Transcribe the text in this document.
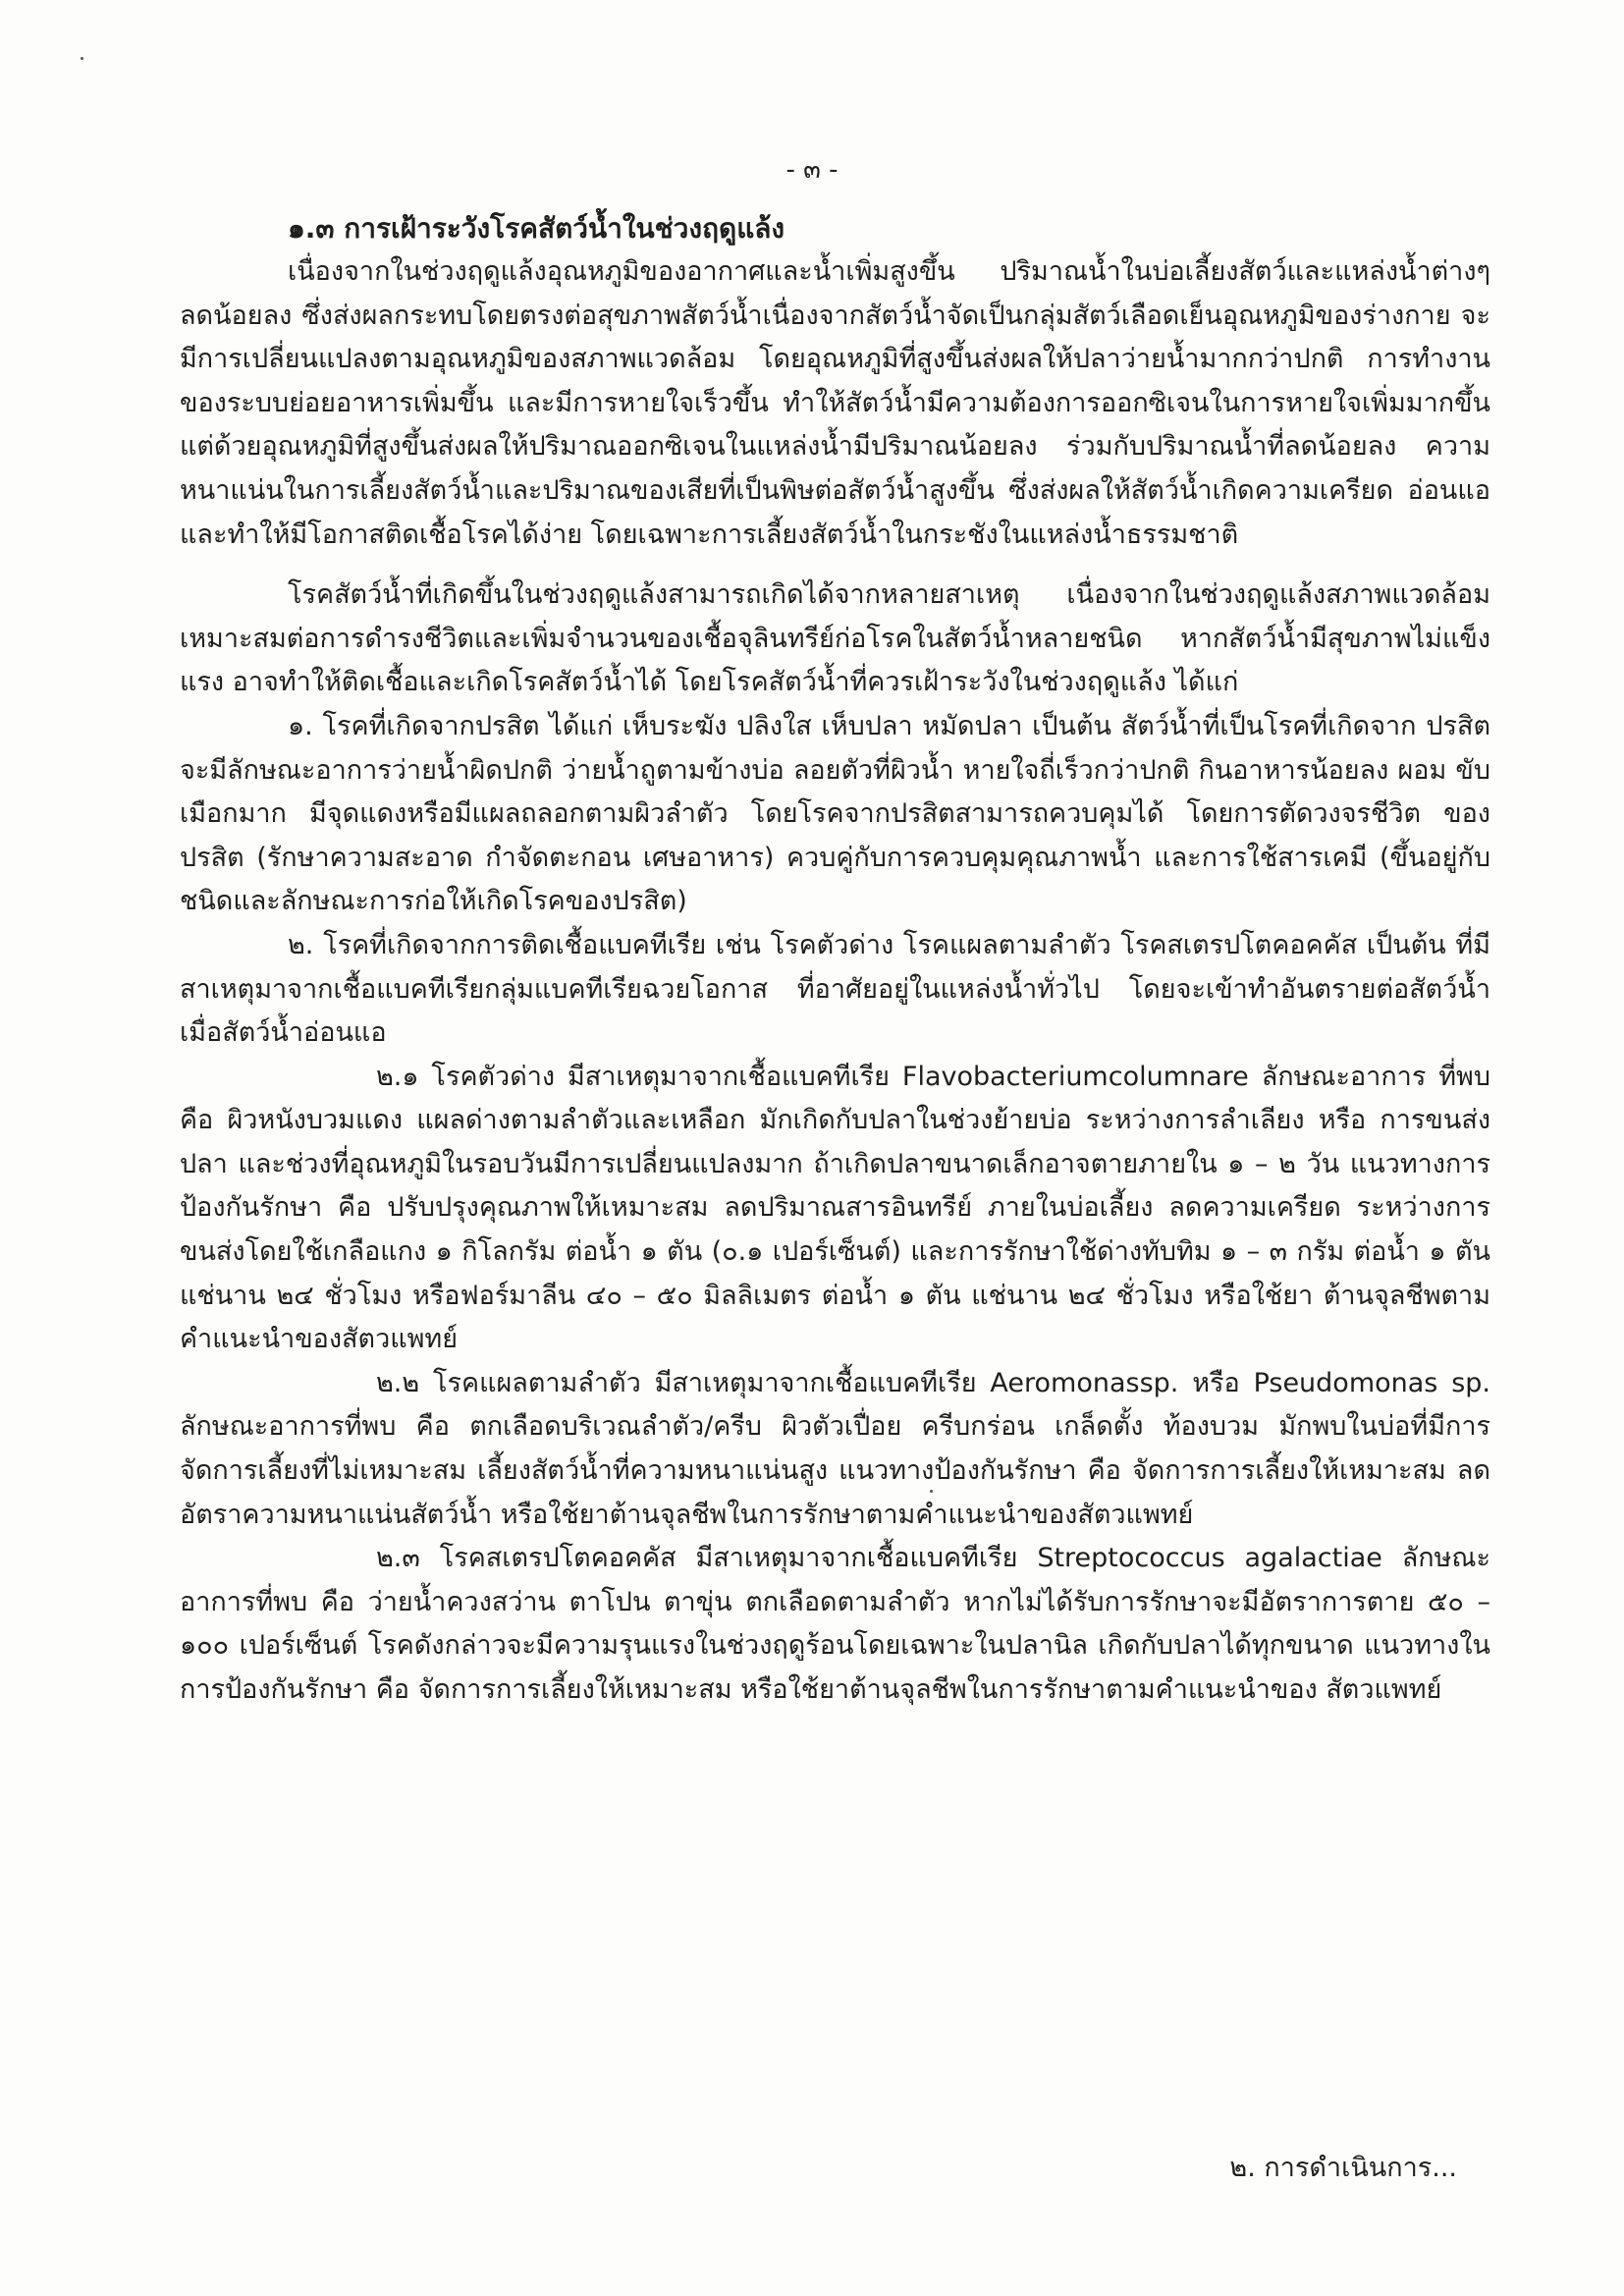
- ๓ -

๑.๓ การเฝ้าระวังโรคสัตว์น้ำในช่วงฤดูแล้ง

เนื่องจากในช่วงฤดูแล้งอุณหภูมิของอากาศและน้ำเพิ่มสูงขึ้น ปริมาณน้ำในบ่อเลี้ยงสัตว์และแหล่งน้ำต่างๆ ลดน้อยลง ซึ่งส่งผลกระทบโดยตรงต่อสุขภาพสัตว์น้ำเนื่องจากสัตว์น้ำจัดเป็นกลุ่มสัตว์เลือดเย็นอุณหภูมิของร่างกาย จะมีการเปลี่ยนแปลงตามอุณหภูมิของสภาพแวดล้อม โดยอุณหภูมิที่สูงขึ้นส่งผลให้ปลาว่ายน้ำมากกว่าปกติ การทำงาน ของระบบย่อยอาหารเพิ่มขึ้น และมีการหายใจเร็วขึ้น ทำให้สัตว์น้ำมีความต้องการออกซิเจนในการหายใจเพิ่มมากขึ้น แต่ด้วยอุณหภูมิที่สูงขึ้นส่งผลให้ปริมาณออกซิเจนในแหล่งน้ำมีปริมาณน้อยลง ร่วมกับปริมาณน้ำที่ลดน้อยลง ความหนาแน่นในการเลี้ยงสัตว์น้ำและปริมาณของเสียที่เป็นพิษต่อสัตว์น้ำสูงขึ้น ซึ่งส่งผลให้สัตว์น้ำเกิดความเครียด อ่อนแอ และทำให้มีโอกาสติดเชื้อโรคได้ง่าย โดยเฉพาะการเลี้ยงสัตว์น้ำในกระชังในแหล่งน้ำธรรมชาติ

โรคสัตว์น้ำที่เกิดขึ้นในช่วงฤดูแล้งสามารถเกิดได้จากหลายสาเหตุ เนื่องจากในช่วงฤดูแล้งสภาพแวดล้อม เหมาะสมต่อการดำรงชีวิตและเพิ่มจำนวนของเชื้อจุลินทรีย์ก่อโรคในสัตว์น้ำหลายชนิด หากสัตว์น้ำมีสุขภาพไม่แข็งแรง อาจทำให้ติดเชื้อและเกิดโรคสัตว์น้ำได้ โดยโรคสัตว์น้ำที่ควรเฝ้าระวังในช่วงฤดูแล้ง ได้แก่

๑. โรคที่เกิดจากปรสิต ได้แก่ เห็บระฆัง ปลิงใส เห็บปลา หมัดปลา เป็นต้น สัตว์น้ำที่เป็นโรคที่เกิดจาก ปรสิตจะมีลักษณะอาการว่ายน้ำผิดปกติ ว่ายน้ำถูตามข้างบ่อ ลอยตัวที่ผิวน้ำ หายใจถี่เร็วกว่าปกติ กินอาหารน้อยลง ผอม ขับเมือกมาก มีจุดแดงหรือมีแผลถลอกตามผิวลำตัว โดยโรคจากปรสิตสามารถควบคุมได้ โดยการตัดวงจรชีวิต ของปรสิต (รักษาความสะอาด กำจัดตะกอน เศษอาหาร) ควบคู่กับการควบคุมคุณภาพน้ำ และการใช้สารเคมี (ขึ้นอยู่กับชนิดและลักษณะการก่อให้เกิดโรคของปรสิต)

๒. โรคที่เกิดจากการติดเชื้อแบคทีเรีย เช่น โรคตัวด่าง โรคแผลตามลำตัว โรคสเตรปโตคอคคัส เป็นต้น ที่มีสาเหตุมาจากเชื้อแบคทีเรียกลุ่มแบคทีเรียฉวยโอกาส ที่อาศัยอยู่ในแหล่งน้ำทั่วไป โดยจะเข้าทำอันตรายต่อสัตว์น้ำ เมื่อสัตว์น้ำอ่อนแอ

๒.๑ โรคตัวด่าง มีสาเหตุมาจากเชื้อแบคทีเรีย Flavobacteriumcolumnare ลักษณะอาการ ที่พบคือ ผิวหนังบวมแดง แผลด่างตามลำตัวและเหลือก มักเกิดกับปลาในช่วงย้ายบ่อ ระหว่างการลำเลียง หรือ การขนส่งปลา และช่วงที่อุณหภูมิในรอบวันมีการเปลี่ยนแปลงมาก ถ้าเกิดปลาขนาดเล็กอาจตายภายใน ๑ – ๒ วัน แนวทางการป้องกันรักษา คือ ปรับปรุงคุณภาพให้เหมาะสม ลดปริมาณสารอินทรีย์ ภายในบ่อเลี้ยง ลดความเครียด ระหว่างการขนส่งโดยใช้เกลือแกง ๑ กิโลกรัม ต่อน้ำ ๑ ตัน (๐.๑ เปอร์เซ็นต์) และการรักษาใช้ด่างทับทิม ๑ – ๓ กรัม ต่อน้ำ ๑ ตัน แช่นาน ๒๔ ชั่วโมง หรือฟอร์มาลีน ๔๐ – ๕๐ มิลลิเมตร ต่อน้ำ ๑ ตัน แช่นาน ๒๔ ชั่วโมง หรือใช้ยา ต้านจุลชีพตามคำแนะนำของสัตวแพทย์

๒.๒ โรคแผลตามลำตัว มีสาเหตุมาจากเชื้อแบคทีเรีย Aeromonassp. หรือ Pseudomonas sp. ลักษณะอาการที่พบ คือ ตกเลือดบริเวณลำตัว/ครีบ ผิวตัวเปื่อย ครีบกร่อน เกล็ดตั้ง ท้องบวม มักพบในบ่อที่มีการ จัดการเลี้ยงที่ไม่เหมาะสม เลี้ยงสัตว์น้ำที่ความหนาแน่นสูง แนวทางป้องกันรักษา คือ จัดการการเลี้ยงให้เหมาะสม ลดอัตราความหนาแน่นสัตว์น้ำ หรือใช้ยาต้านจุลชีพในการรักษาตามคำแนะนำของสัตวแพทย์

๒.๓ โรคสเตรปโตคอคคัส มีสาเหตุมาจากเชื้อแบคทีเรีย Streptococcus agalactiae ลักษณะ อาการที่พบ คือ ว่ายน้ำควงสว่าน ตาโปน ตาขุ่น ตกเลือดตามลำตัว หากไม่ได้รับการรักษาจะมีอัตราการตาย ๕๐ – ๑๐๐ เปอร์เซ็นต์ โรคดังกล่าวจะมีความรุนแรงในช่วงฤดูร้อนโดยเฉพาะในปลานิล เกิดกับปลาได้ทุกขนาด แนวทางในการป้องกันรักษา คือ จัดการการเลี้ยงให้เหมาะสม หรือใช้ยาต้านจุลชีพในการรักษาตามคำแนะนำของ สัตวแพทย์

๒. การดำเนินการ...
